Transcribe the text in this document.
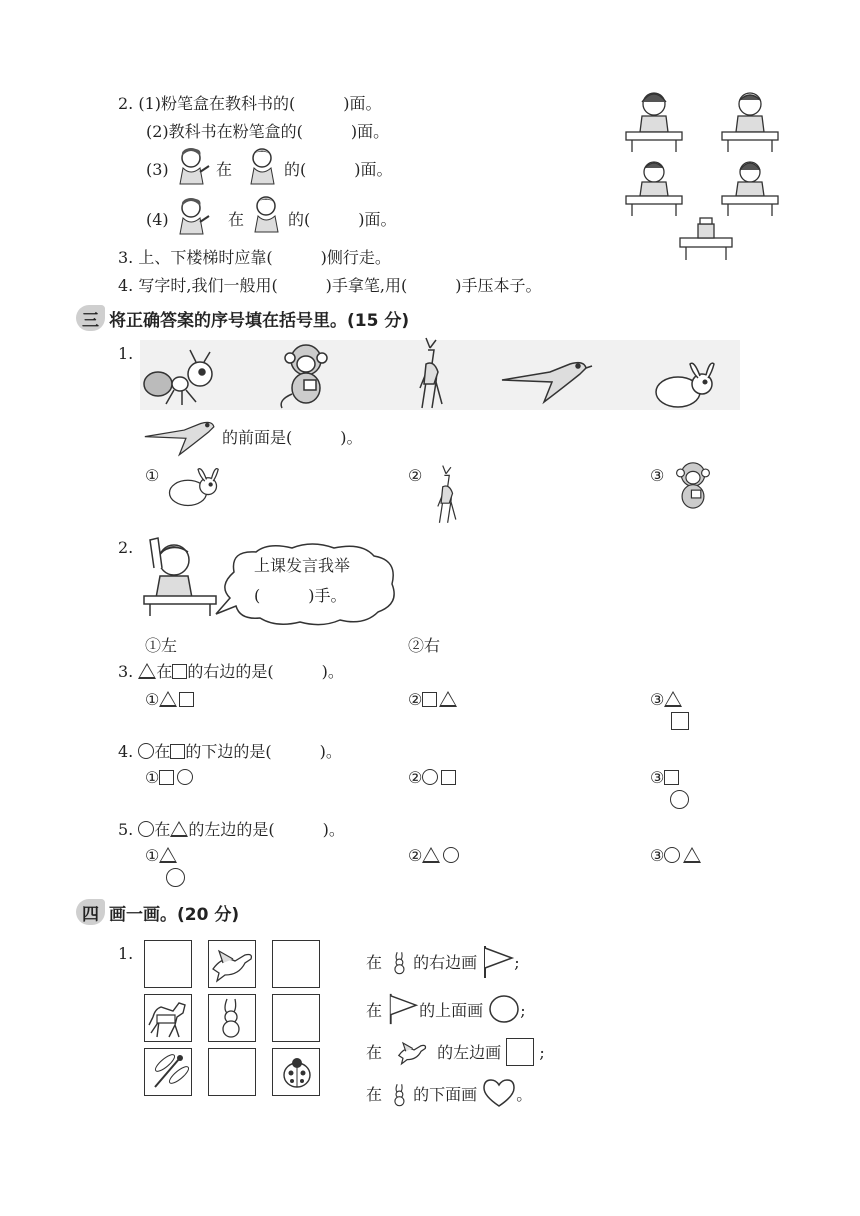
2. (1)粉笔盒在教科书的(　　　)面。
(2)教科书在粉笔盒的(　　　)面。
(3)	在	的(　　　)面。
(4)	在	的(　　　)面。
3. 上、下楼梯时应靠(　　　)侧行走。
4. 写字时,我们一般用(　　　)手拿笔,用(　　　)手压本子。
三 将正确答案的序号填在括号里。(15 分)
1.
的前面是(　　　)。
①	②	③
2.
上课发言我举
(　　　)手。
①左	②右
3. 在 的右边的是(　　　)。
①	②	③
4. 在 的下边的是(　　　)。
①	②	③
5. 在 的左边的是(　　　)。
①	②	③
四 画一画。(20 分)
1.	在 的右边画 ;
在 的上面画 ;
在	的左边画 ;
在 的下面画 。
